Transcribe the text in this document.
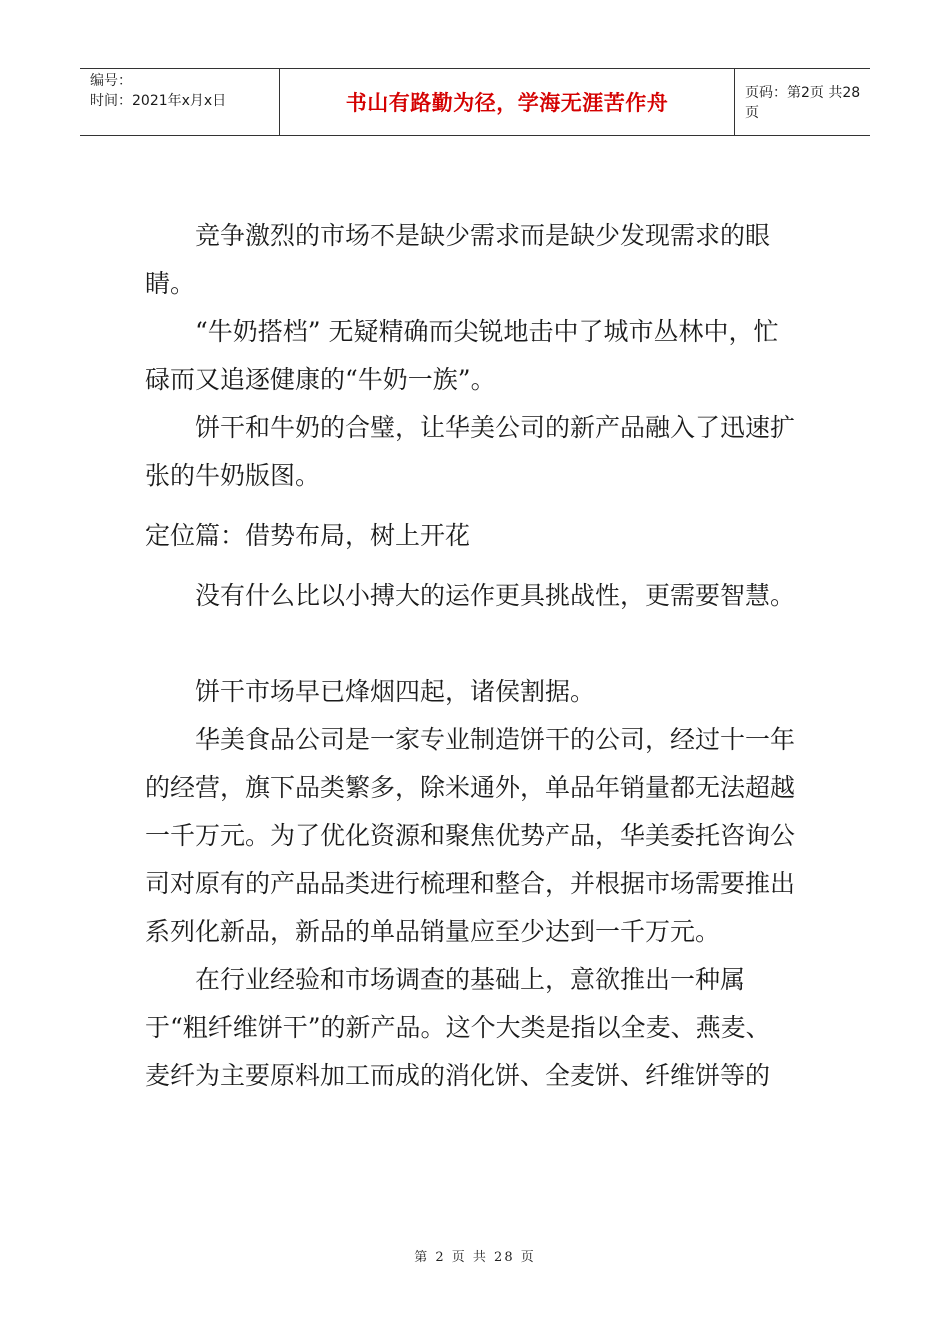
编号：
时间：2021年x月x日	书山有路勤为径，学海无涯苦作舟	页码：第2页 共28页

竞争激烈的市场不是缺少需求而是缺少发现需求的眼睛。

“牛奶搭档” 无疑精确而尖锐地击中了城市丛林中，忙碌而又追逐健康的“牛奶一族”。

饼干和牛奶的合璧，让华美公司的新产品融入了迅速扩张的牛奶版图。

定位篇：借势布局，树上开花

没有什么比以小搏大的运作更具挑战性，更需要智慧。

饼干市场早已烽烟四起，诸侯割据。

华美食品公司是一家专业制造饼干的公司，经过十一年的经营，旗下品类繁多，除米通外，单品年销量都无法超越一千万元。为了优化资源和聚焦优势产品，华美委托咨询公司对原有的产品品类进行梳理和整合，并根据市场需要推出系列化新品，新品的单品销量应至少达到一千万元。

在行业经验和市场调查的基础上，意欲推出一种属于“粗纤维饼干”的新产品。这个大类是指以全麦、燕麦、麦纤为主要原料加工而成的消化饼、全麦饼、纤维饼等的

第 2 页 共 28 页
